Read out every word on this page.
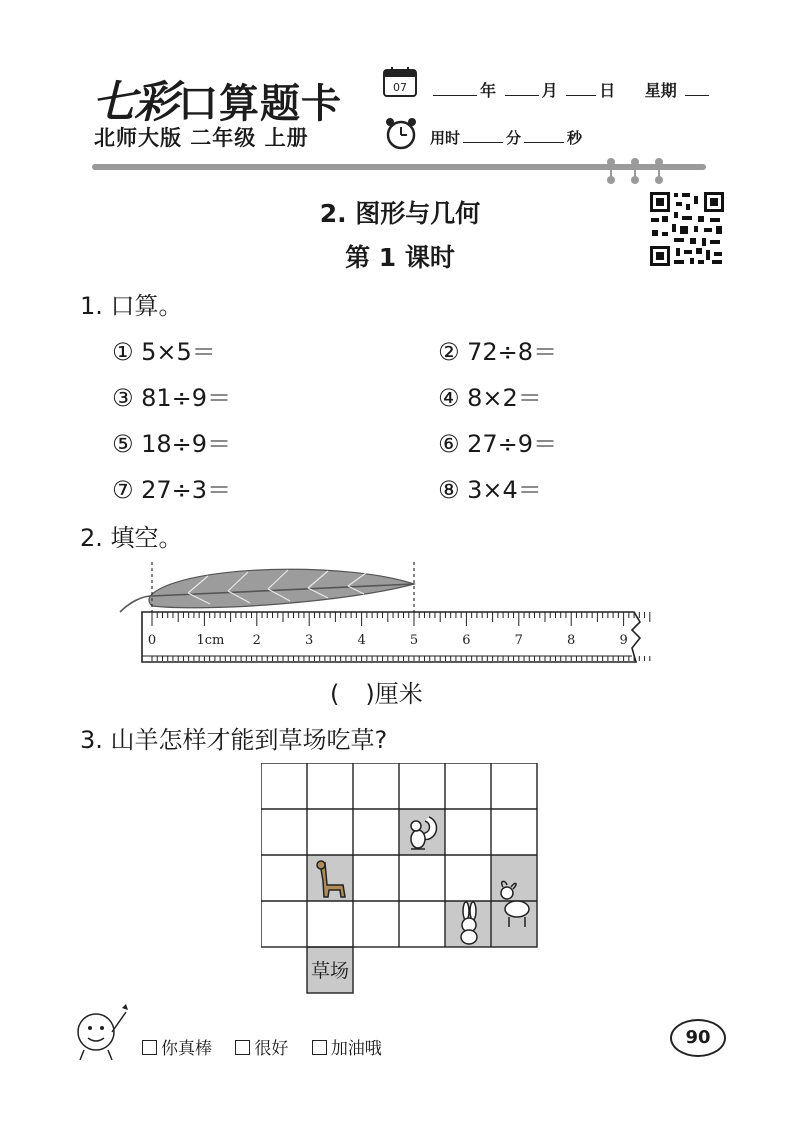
七彩口算题卡
北师大版 二年级 上册
07	年	月	日 星期
用时	分	秒
2. 图形与几何
第 1 课时
1. 口算。
① 5×5＝	② 72÷8＝
③ 81÷9＝	④ 8×2＝
⑤ 18÷9＝	⑥ 27÷9＝
⑦ 27÷3＝	⑧ 3×4＝
2. 填空。
0	1cm 2	3	4	5	6	7	8	9
( )厘米
3. 山羊怎样才能到草场吃草?
草场
你真棒 很好 加油哦
90
